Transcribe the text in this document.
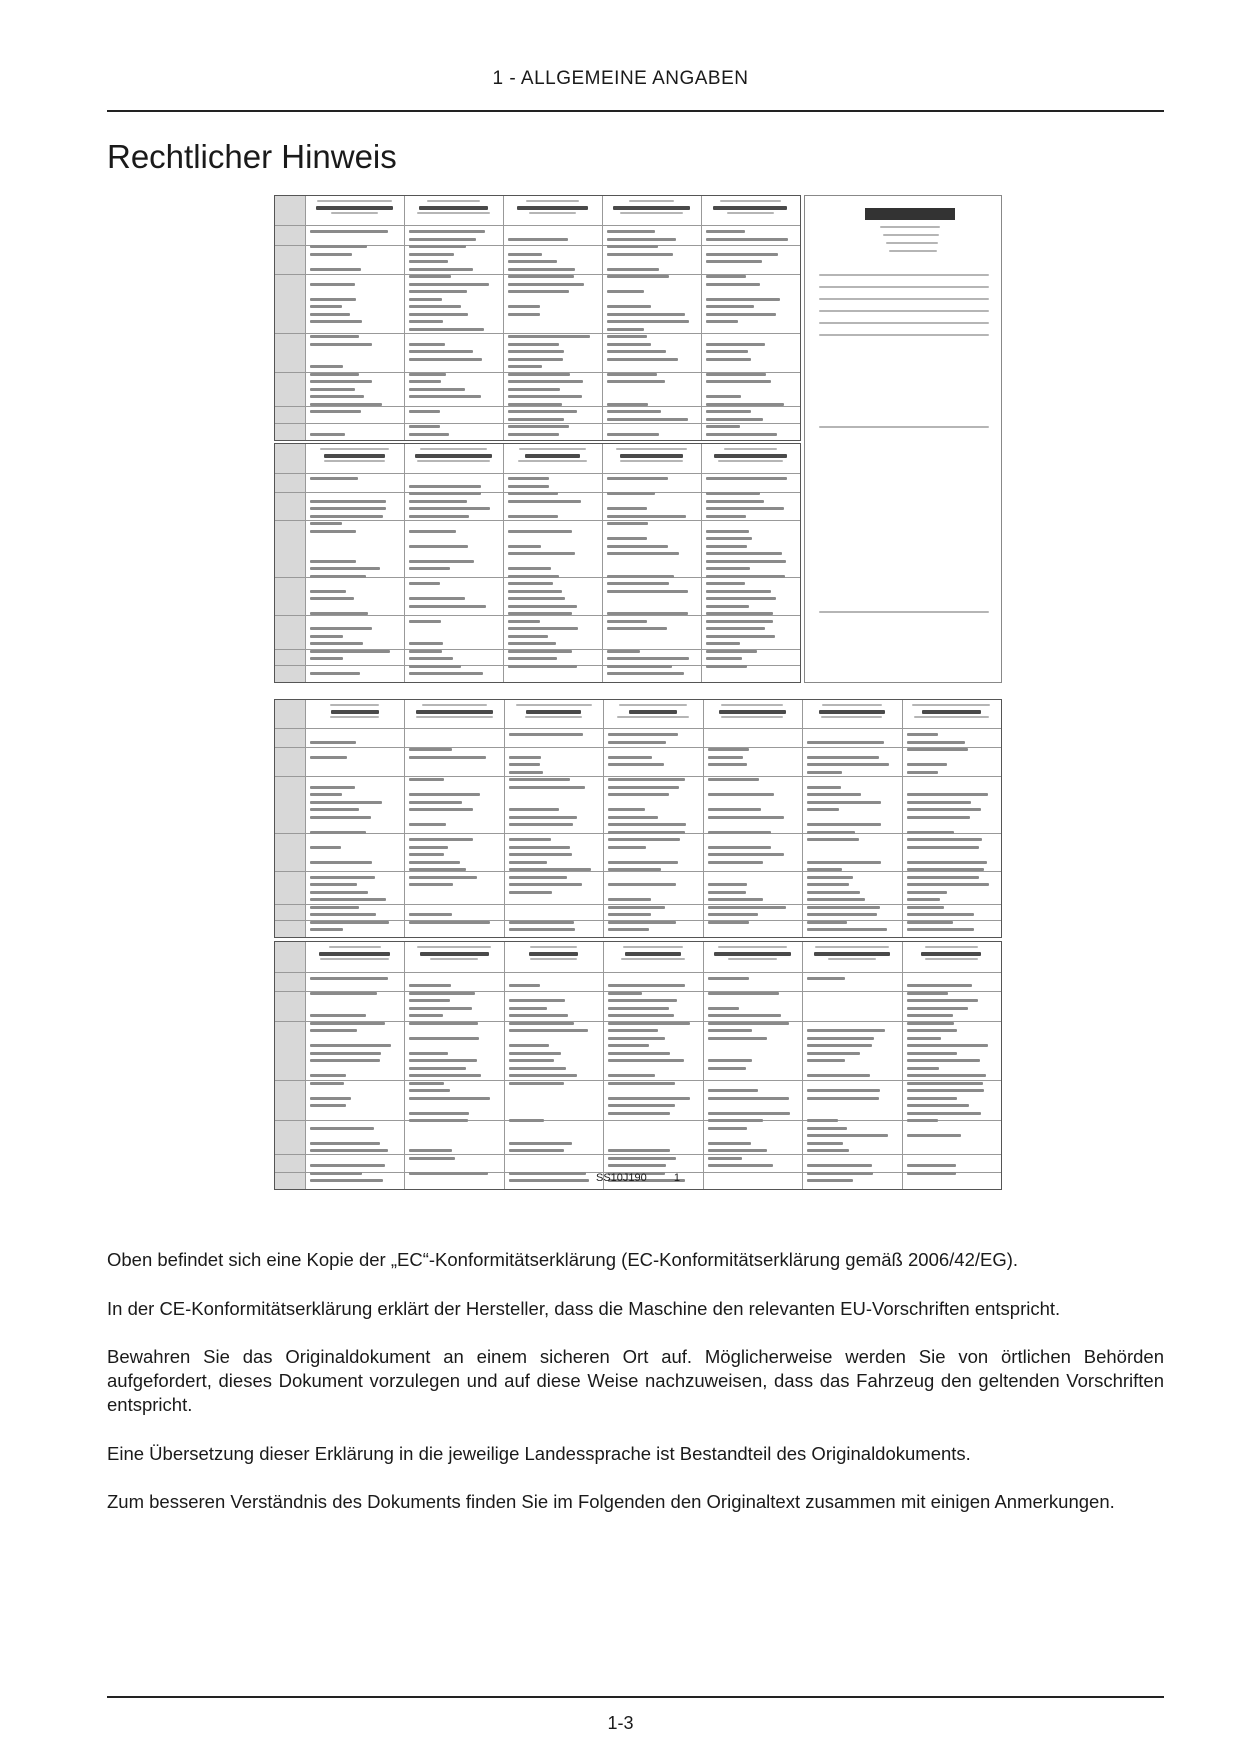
1 - ALLGEMEINE ANGABEN
Rechtlicher Hinweis
SS10J190 1

Oben befindet sich eine Kopie der „EC“-Konformitätserklärung (EC-Konformitätserklärung gemäß 2006/42/EG).

In der CE-Konformitätserklärung erklärt der Hersteller, dass die Maschine den relevanten EU-Vorschriften entspricht.

Bewahren Sie das Originaldokument an einem sicheren Ort auf. Möglicherweise werden Sie von örtlichen Behörden aufgefordert, dieses Dokument vorzulegen und auf diese Weise nachzuweisen, dass das Fahrzeug den geltenden Vorschriften entspricht.

Eine Übersetzung dieser Erklärung in die jeweilige Landessprache ist Bestandteil des Originaldokuments.

Zum besseren Verständnis des Dokuments finden Sie im Folgenden den Originaltext zusammen mit einigen Anmerkungen.

1-3
